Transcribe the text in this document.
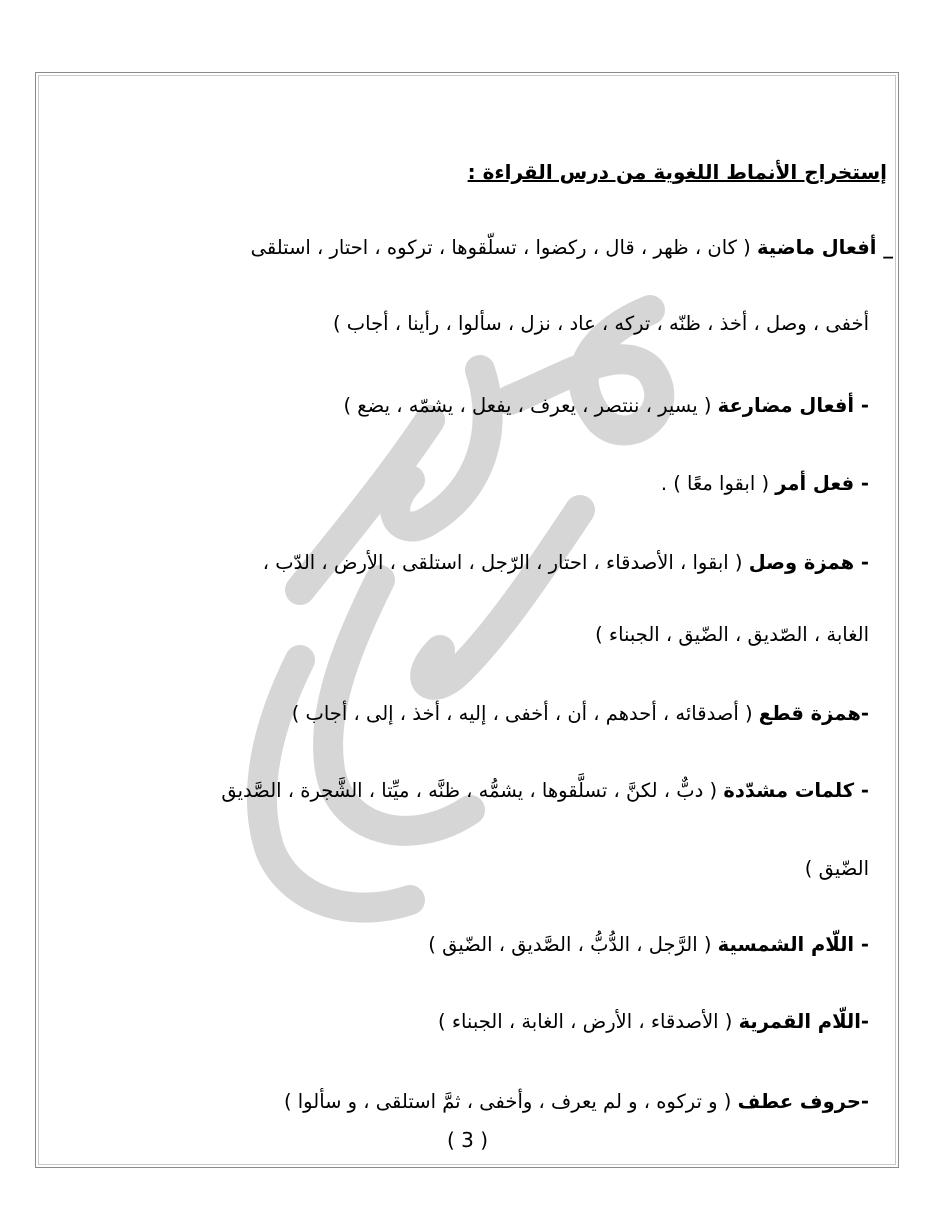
إستخراج الأنماط اللغوية من درس القراءة :
_ أفعال ماضية ( كان ، ظهر ، قال ، ركضوا ، تسلّقوها ، تركوه ، احتار ، استلقى
أخفى ، وصل ، أخذ ، ظنّه ، تركه ، عاد ، نزل ، سألوا ، رأينا ، أجاب )
- أفعال مضارعة ( يسير ، ننتصر ، يعرف ، يفعل ، يشمّه ، يضع )
- فعل أمر ( ابقوا معًا ) .
- همزة وصل ( ابقوا ، الأصدقاء ، احتار ، الرّجل ، استلقى ، الأرض ، الدّب ،
الغابة ، الصّديق ، الضّيق ، الجبناء )
-همزة قطع ( أصدقائه ، أحدهم ، أن ، أخفى ، إليه ، أخذ ، إلى ، أجاب )
- كلمات مشدّدة ( دبٌّ ، لكنَّ ، تسلَّقوها ، يشمُّه ، ظنَّه ، ميِّتا ، الشَّجرة ، الصَّديق
الضّيق )
- اللّام الشمسية ( الرَّجل ، الدُّبُّ ، الصَّديق ، الضّيق )
-اللّام القمرية ( الأصدقاء ، الأرض ، الغابة ، الجبناء )
-حروف عطف ( و تركوه ، و لم يعرف ، وأخفى ، ثمَّ استلقى ، و سألوا )
( 3 )
